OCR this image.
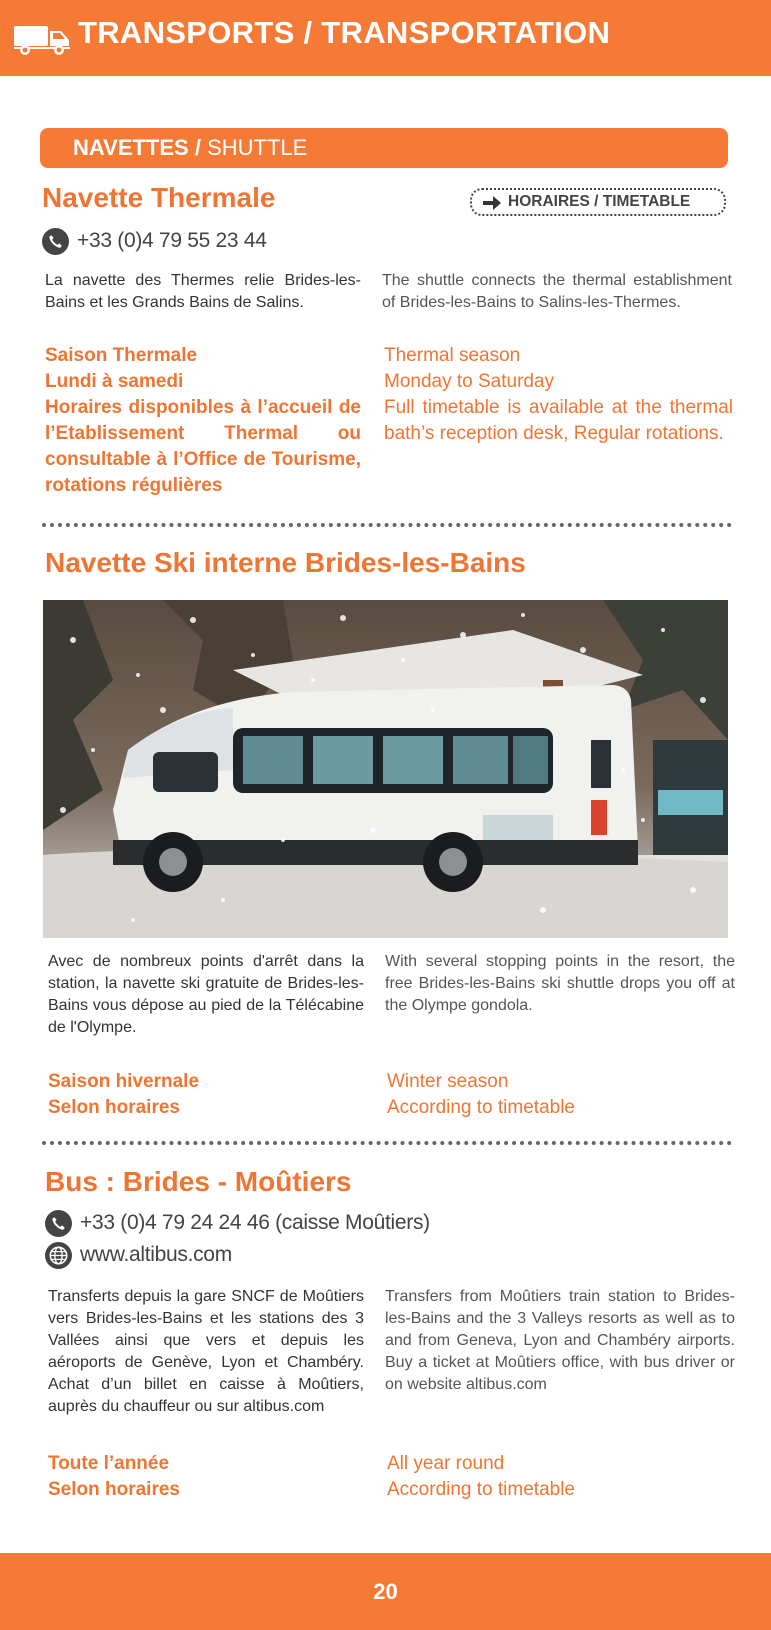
TRANSPORTS / TRANSPORTATION
NAVETTES / SHUTTLE
Navette Thermale	HORAIRES / TIMETABLE
+33 (0)4 79 55 23 44

La navette des Thermes relie Brides-les-Bains et les Grands Bains de Salins.

The shuttle connects the thermal establishment of Brides-les-Bains to Salins-les-Thermes.

Saison Thermale

Lundi à samedi

Horaires disponibles à l’accueil de l’Etablissement Thermal ou consultable à l’Office de Tourisme, rotations régulières

Thermal season

Monday to Saturday

Full timetable is available at the thermal bath’s reception desk, Regular rotations.

Navette Ski interne Brides-les-Bains

Avec de nombreux points d'arrêt dans la station, la navette ski gratuite de Brides-les-Bains vous dépose au pied de la Télécabine de l'Olympe.

With several stopping points in the resort, the free Brides-les-Bains ski shuttle drops you off at the Olympe gondola.

Saison hivernale

Selon horaires

Winter season

According to timetable

Bus : Brides - Moûtiers
+33 (0)4 79 24 24 46 (caisse Moûtiers)
www.altibus.com

Transferts depuis la gare SNCF de Moûtiers vers Brides-les-Bains et les stations des 3 Vallées ainsi que vers et depuis les aéroports de Genève, Lyon et Chambéry. Achat d’un billet en caisse à Moûtiers, auprès du chauffeur ou sur altibus.com

Transfers from Moûtiers train station to Brides-les-Bains and the 3 Valleys resorts as well as to and from Geneva, Lyon and Chambéry airports. Buy a ticket at Moûtiers office, with bus driver or on website altibus.com

Toute l’année

Selon horaires

All year round

According to timetable

20
